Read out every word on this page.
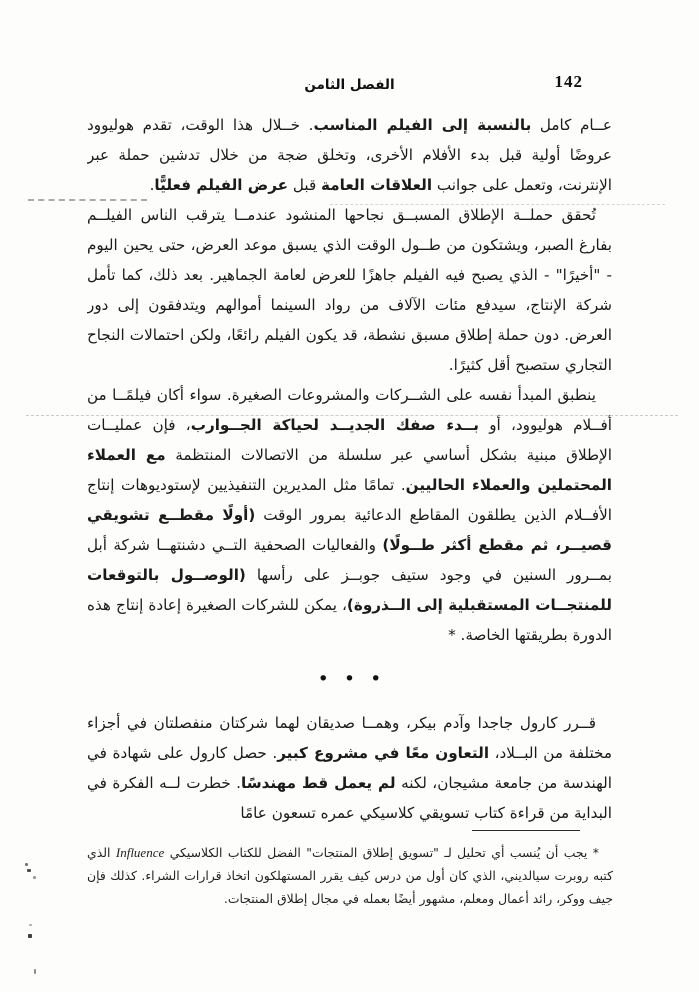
الفصل الثامن	142

عــام كامل بالنسبة إلى الفيلم المناسب. خــلال هذا الوقت، تقدم هوليوود عروضًا أولية قبل بدء الأفلام الأخرى، وتخلق ضجة من خلال تدشين حملة عبر الإنترنت، وتعمل على جوانب العلاقات العامة قبل عرض الفيلم فعليًّا.

تُحقق حملــة الإطلاق المسبــق نجاحها المنشود عندمــا يترقب الناس الفيلــم بفارغ الصبر، ويشتكون من طــول الوقت الذي يسبق موعد العرض، حتى يحين اليوم - "أخيرًا" - الذي يصبح فيه الفيلم جاهزًا للعرض لعامة الجماهير. بعد ذلك، كما تأمل شركة الإنتاج، سيدفع مئات الآلاف من رواد السينما أموالهم ويتدفقون إلى دور العرض. دون حملة إطلاق مسبق نشطة، قد يكون الفيلم رائعًا، ولكن احتمالات النجاح التجاري ستصبح أقل كثيرًا.

ينطبق المبدأ نفسه على الشــركات والمشروعات الصغيرة. سواء أكان فيلمًــا من أفــلام هوليوود، أو بــدء صفك الجديــد لحياكة الجــوارب، فإن عمليــات الإطلاق مبنية بشكل أساسي عبر سلسلة من الاتصالات المنتظمة مع العملاء المحتملين والعملاء الحاليين. تمامًا مثل المديرين التنفيذيين لإستوديوهات إنتاج الأفــلام الذين يطلقون المقاطع الدعائية بمرور الوقت (أولًا مقطــع تشويقي قصيــر، ثم مقطع أكثر طــولًا) والفعاليات الصحفية التــي دشنتهــا شركة أبل بمــرور السنين في وجود ستيف جوبــز على رأسها (الوصــول بالتوقعات للمنتجــات المستقبلية إلى الــذروة)، يمكن للشركات الصغيرة إعادة إنتاج هذه الدورة بطريقتها الخاصة. *

• • •

قــرر كارول جاجدا وآدم بيكر، وهمــا صديقان لهما شركتان منفصلتان في أجزاء مختلفة من البــلاد، التعاون معًا في مشروع كبير. حصل كارول على شهادة في الهندسة من جامعة مشيجان، لكنه لم يعمل قط مهندسًا. خطرت لــه الفكرة في البداية من قراءة كتاب تسويقي كلاسيكي عمره تسعون عامًا

* يجب أن يُنسب أي تحليل لـ "تسويق إطلاق المنتجات" الفضل للكتاب الكلاسيكي Influence الذي كتبه روبرت سيالديني، الذي كان أول من درس كيف يقرر المستهلكون اتخاذ قرارات الشراء. كذلك فإن جيف ووكر، رائد أعمال ومعلم، مشهور أيضًا بعمله في مجال إطلاق المنتجات.
